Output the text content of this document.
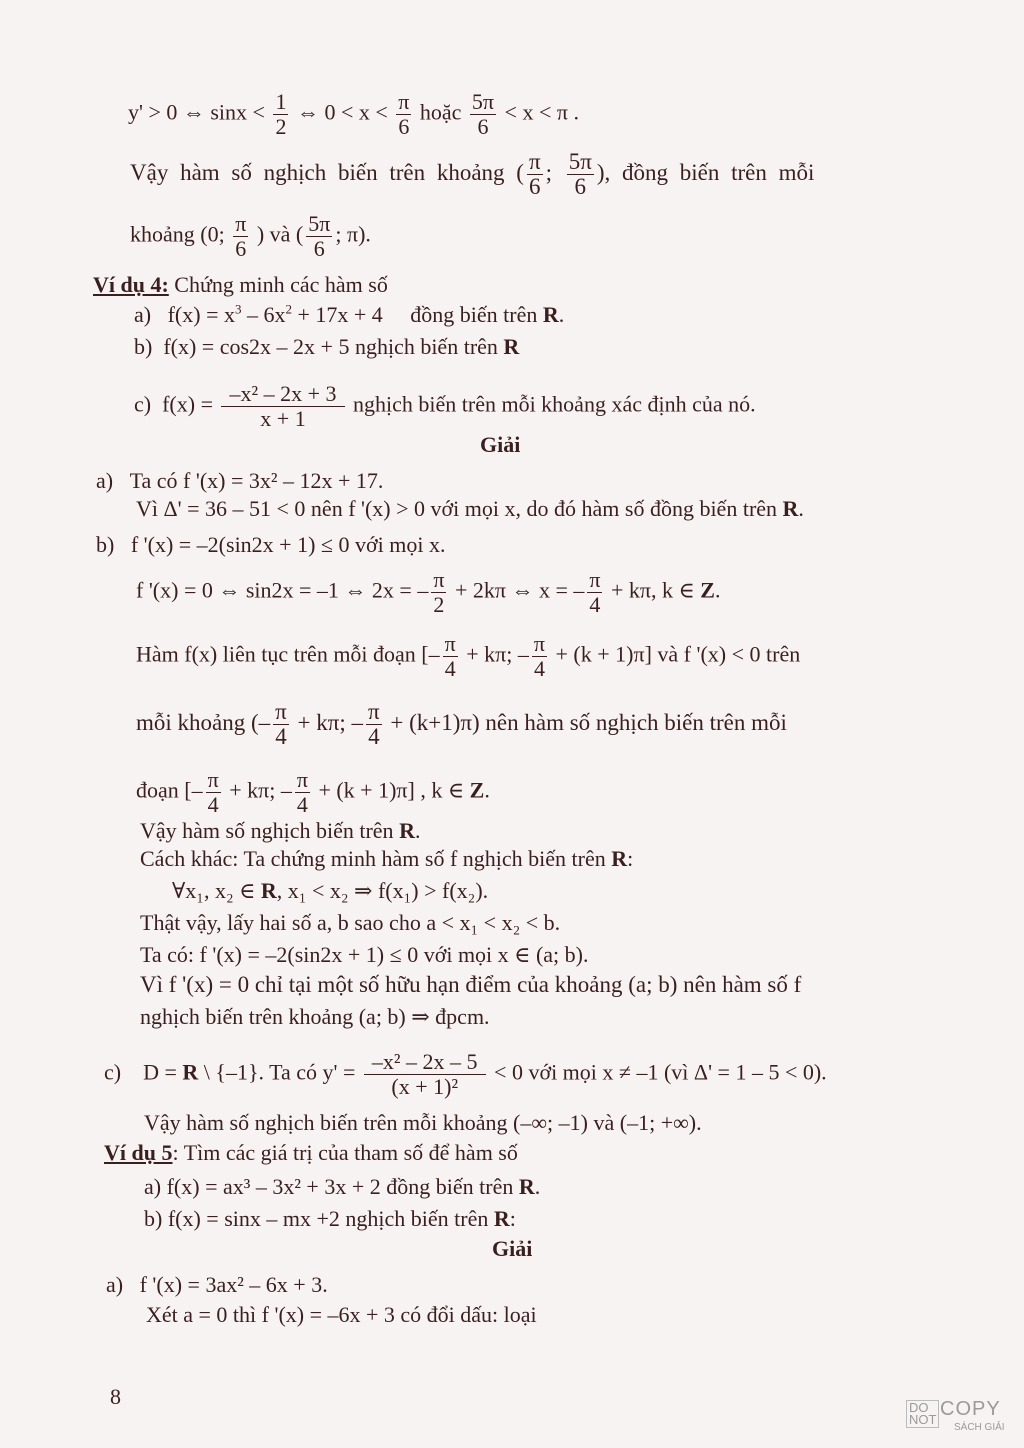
y' > 0 ⇔ $\sin x < \frac{1}{2}$ ⇔ $0 < x < \frac{\pi}{6}$ hoặc $\frac{5\pi}{6} < x < \pi$ .
Vậy hàm số nghịch biến trên khoảng ( $\frac{\pi}{6}$ ; $\frac{5\pi}{6}$ ), đồng biến trên mỗi
khoảng (0; $\frac{\pi}{6}$ ) và ( $\frac{5\pi}{6}$ ; π).
Ví dụ 4: Chứng minh các hàm số
a) $f(x) = x^3 - 6x^2 + 17x + 4$     đồng biến trên R.
b) f(x) = cos2x – 2x + 5 nghịch biến trên R
c) $f(x) = \frac{\text{–x² – 2x + 3}}{x + 1}$ nghịch biến trên mỗi khoảng xác định của nó.
Giải
a) Ta có f '(x) = 3x² – 12x + 17.
Vì Δ' = 36 – 51 < 0 nên f '(x) > 0 với mọi x, do đó hàm số đồng biến trên R.
b) f '(x) = –2(sin2x + 1) ≤ 0 với mọi x.
f '(x) = 0 ⇔ sin2x = –1 ⇔ 2x = – $\frac{\pi}{2} + 2k\pi$ ⇔ x = – $\frac{\pi}{4} + k\pi$, k ∈ Z.
Hàm f(x) liên tục trên mỗi đoạn [– $\frac{\pi}{4} + k\pi$; – $\frac{\pi}{4} + (k + 1)\pi$] và f '(x) < 0 trên
mỗi khoảng (– $\frac{\pi}{4} + k\pi$; – $\frac{\pi}{4} + (k+1)\pi$) nên hàm số nghịch biến trên mỗi
đoạn [– $\frac{\pi}{4} + k\pi$; – $\frac{\pi}{4} + (k + 1)\pi$] , k ∈ Z.
Vậy hàm số nghịch biến trên R.
Cách khác: Ta chứng minh hàm số f nghịch biến trên R:
∀x₁, x₂ ∈ R, x₁ < x₂ ⇒ f(x₁) > f(x₂).
Thật vậy, lấy hai số a, b sao cho a < x₁ < x₂ < b.
Ta có: f '(x) = –2(sin2x + 1) ≤ 0 với mọi x ∈ (a; b).
Vì f '(x) = 0 chỉ tại một số hữu hạn điểm của khoảng (a; b) nên hàm số f
nghịch biến trên khoảng (a; b) ⇒ đpcm.
c) D = R \ {–1}. Ta có $y' = \frac{\text{–x² – 2x – 5}}{\text{(x + 1)²}} < 0$ với mọi x ≠ –1 (vì Δ' = 1 – 5 < 0).
Vậy hàm số nghịch biến trên mỗi khoảng (–∞; –1) và (–1; +∞).
Ví dụ 5: Tìm các giá trị của tham số để hàm số
a) f(x) = ax³ – 3x² + 3x + 2 đồng biến trên R.
b) f(x) = sinx – mx +2 nghịch biến trên R:
Giải
a) f '(x) = 3ax² – 6x + 3.
Xét a = 0 thì f '(x) = –6x + 3 có đổi dấu: loại
8	DO
NOT COPY
SÁCH GIẢI
